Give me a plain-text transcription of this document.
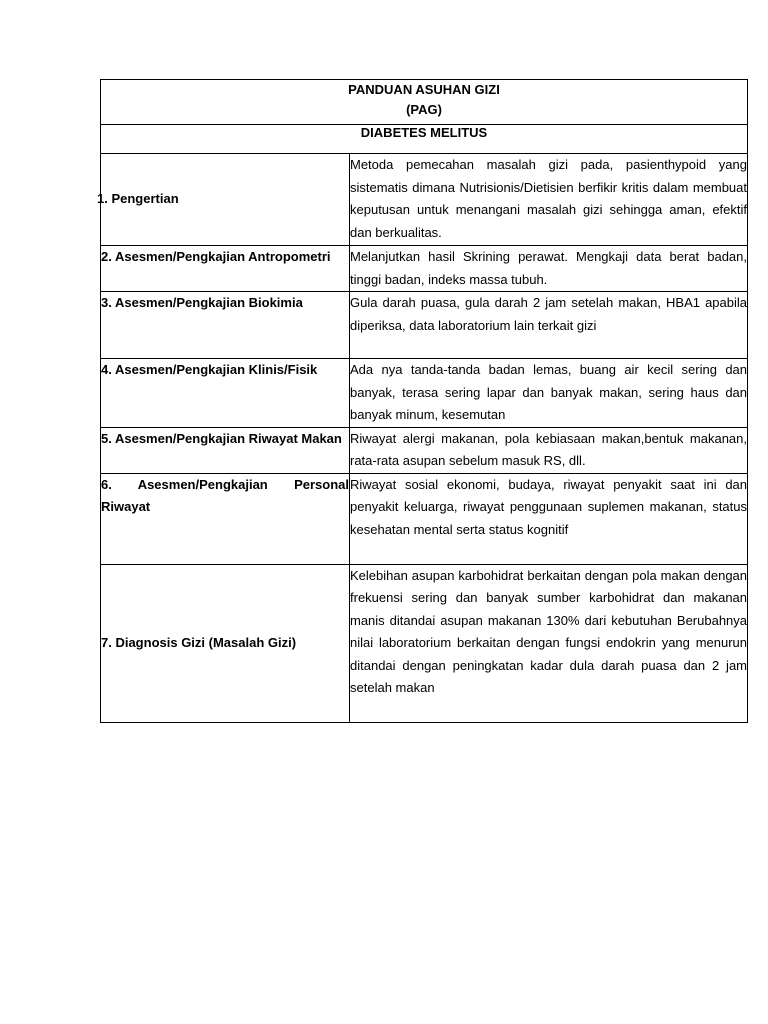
PANDUAN ASUHAN GIZI
(PAG)	

DIABETES MELITUS	

1. Pengertian	Metoda pemecahan masalah gizi pada, pasienthypoid yang sistematis dimana Nutrisionis/Dietisien berfikir kritis dalam membuat keputusan untuk menangani masalah gizi sehingga aman, efektif dan berkualitas.
2. Asesmen/Pengkajian Antropometri	Melanjutkan hasil Skrining perawat. Mengkaji data berat badan, tinggi badan, indeks massa tubuh.
3. Asesmen/Pengkajian Biokimia	Gula darah puasa, gula darah 2 jam setelah makan, HBA1 apabila diperiksa, data laboratorium lain terkait gizi
4. Asesmen/Pengkajian Klinis/Fisik	Ada nya tanda-tanda badan lemas, buang air kecil sering dan banyak, terasa sering lapar dan banyak makan, sering haus dan banyak minum, kesemutan
5. Asesmen/Pengkajian Riwayat Makan	Riwayat alergi makanan, pola kebiasaan makan,bentuk makanan, rata-rata asupan sebelum masuk RS, dll.
6. Asesmen/Pengkajian Personal Riwayat	Riwayat sosial ekonomi, budaya, riwayat penyakit saat ini dan penyakit keluarga, riwayat penggunaan suplemen makanan, status kesehatan mental serta status kognitif
7. Diagnosis Gizi (Masalah Gizi)	Kelebihan asupan karbohidrat berkaitan dengan pola makan dengan frekuensi sering dan banyak sumber karbohidrat dan makanan manis ditandai asupan makanan 130% dari kebutuhan Berubahnya nilai laboratorium berkaitan dengan fungsi endokrin yang menurun ditandai dengan peningkatan kadar dula darah puasa dan 2 jam setelah makan
